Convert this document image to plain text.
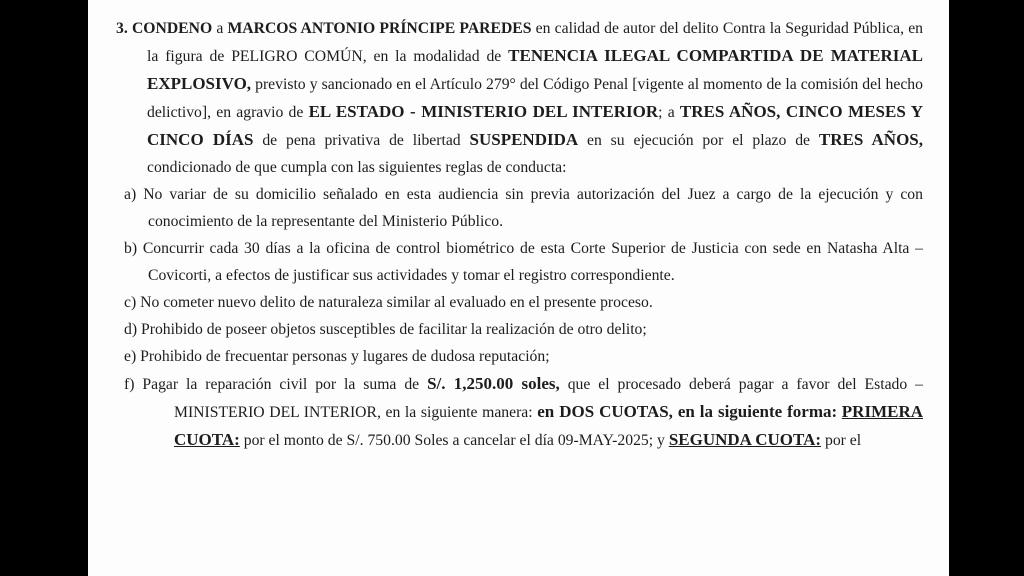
3. CONDENO a MARCOS ANTONIO PRÍNCIPE PAREDES en calidad de autor del delito Contra la Seguridad Pública, en la figura de PELIGRO COMÚN, en la modalidad de TENENCIA ILEGAL COMPARTIDA DE MATERIAL EXPLOSIVO, previsto y sancionado en el Artículo 279° del Código Penal [vigente al momento de la comisión del hecho delictivo], en agravio de EL ESTADO - MINISTERIO DEL INTERIOR; a TRES AÑOS, CINCO MESES Y CINCO DÍAS de pena privativa de libertad SUSPENDIDA en su ejecución por el plazo de TRES AÑOS, condicionado de que cumpla con las siguientes reglas de conducta:

a) No variar de su domicilio señalado en esta audiencia sin previa autorización del Juez a cargo de la ejecución y con conocimiento de la representante del Ministerio Público.

b) Concurrir cada 30 días a la oficina de control biométrico de esta Corte Superior de Justicia con sede en Natasha Alta – Covicorti, a efectos de justificar sus actividades y tomar el registro correspondiente.

c) No cometer nuevo delito de naturaleza similar al evaluado en el presente proceso.

d) Prohibido de poseer objetos susceptibles de facilitar la realización de otro delito;

e) Prohibido de frecuentar personas y lugares de dudosa reputación;

f) Pagar la reparación civil por la suma de S/. 1,250.00 soles, que el procesado deberá pagar a favor del Estado – MINISTERIO DEL INTERIOR, en la siguiente manera: en DOS CUOTAS, en la siguiente forma: PRIMERA CUOTA: por el monto de S/. 750.00 Soles a cancelar el día 09-MAY-2025; y SEGUNDA CUOTA: por el
